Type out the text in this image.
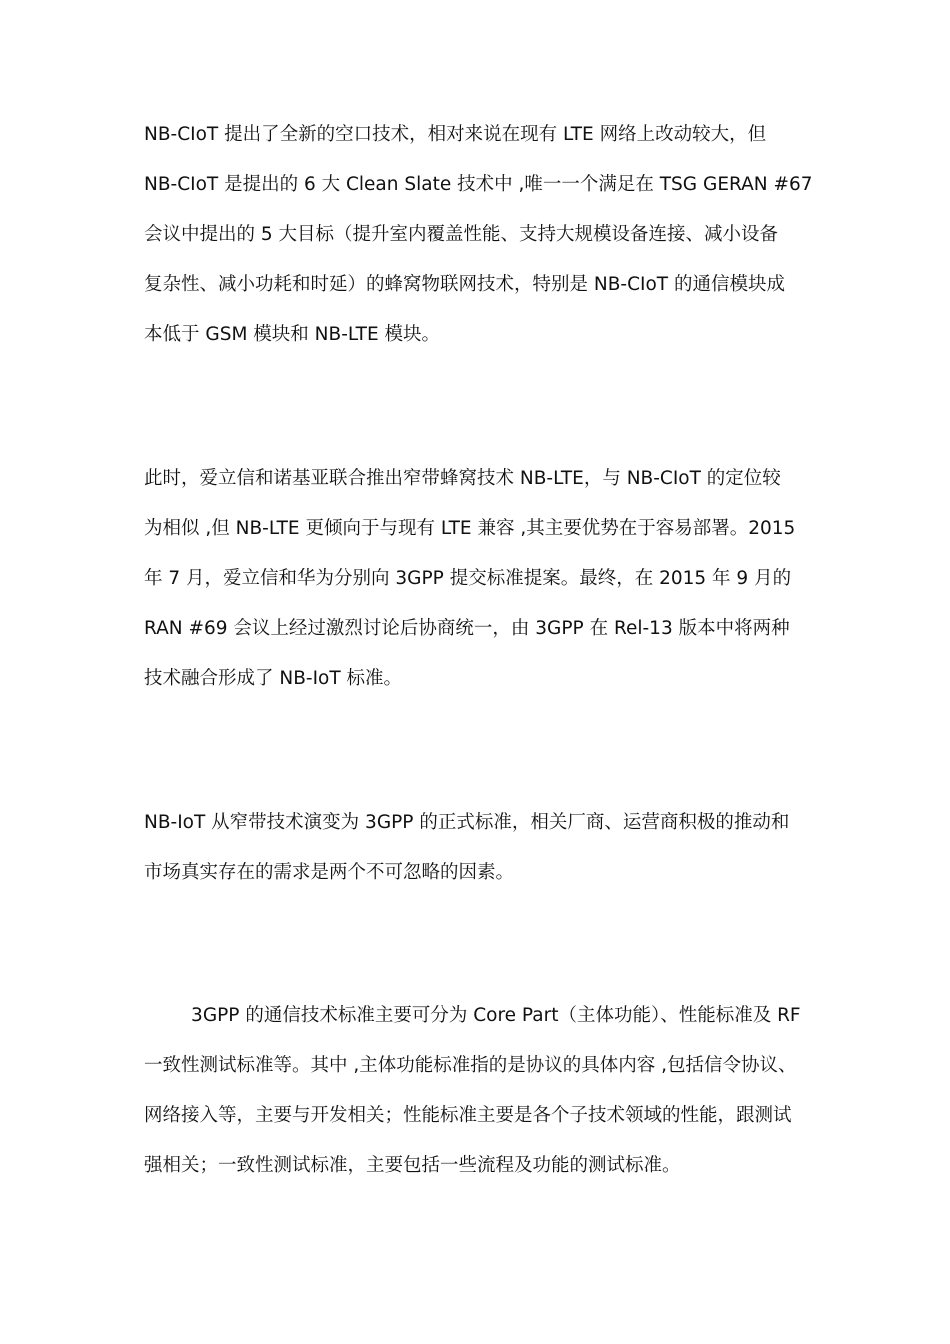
NB-CIoT 提出了全新的空口技术，相对来说在现有 LTE 网络上改动较大，但
NB-CIoT 是提出的 6 大 Clean Slate 技术中 ,唯一一个满足在 TSG GERAN #67
会议中提出的 5 大目标（提升室内覆盖性能、支持大规模设备连接、减小设备
复杂性、减小功耗和时延）的蜂窝物联网技术，特别是 NB-CIoT 的通信模块成
本低于 GSM 模块和 NB-LTE 模块。
此时，爱立信和诺基亚联合推出窄带蜂窝技术 NB-LTE，与 NB-CIoT 的定位较
为相似 ,但 NB-LTE 更倾向于与现有 LTE 兼容 ,其主要优势在于容易部署。2015
年 7 月，爱立信和华为分别向 3GPP 提交标准提案。最终，在 2015 年 9 月的
RAN #69 会议上经过激烈讨论后协商统一，由 3GPP 在 Rel-13 版本中将两种
技术融合形成了 NB-IoT 标准。
NB-IoT 从窄带技术演变为 3GPP 的正式标准，相关厂商、运营商积极的推动和
市场真实存在的需求是两个不可忽略的因素。
3GPP 的通信技术标准主要可分为 Core Part（主体功能）、性能标准及 RF
一致性测试标准等。其中 ,主体功能标准指的是协议的具体内容 ,包括信令协议、
网络接入等，主要与开发相关；性能标准主要是各个子技术领域的性能，跟测试
强相关；一致性测试标准，主要包括一些流程及功能的测试标准。
